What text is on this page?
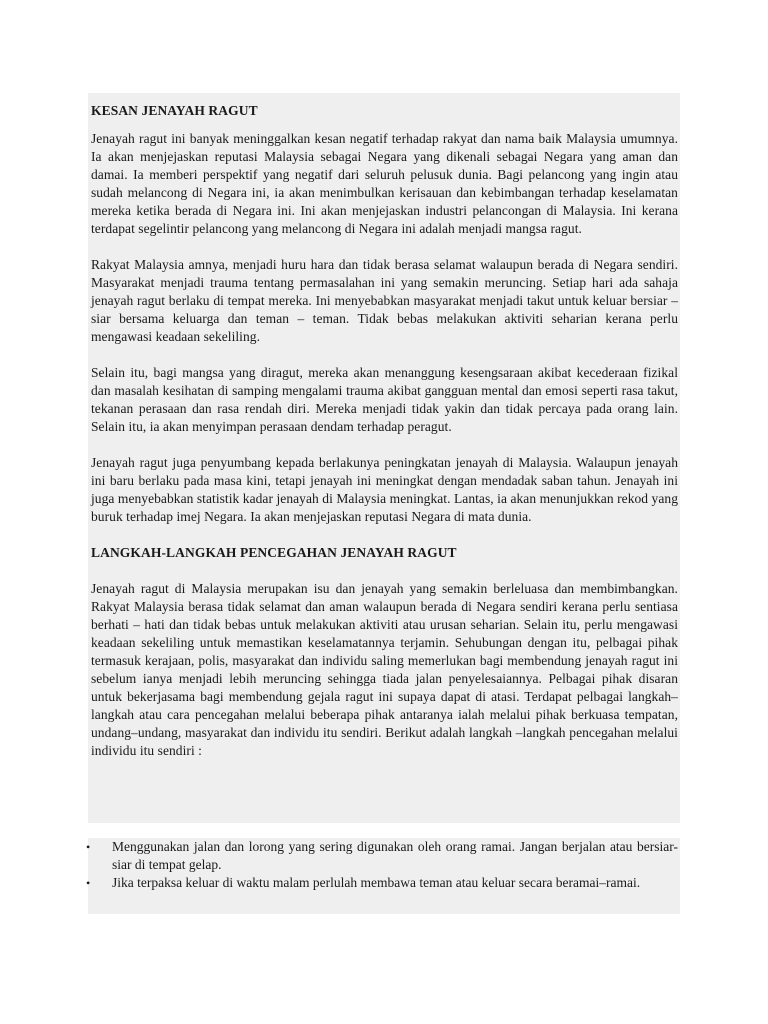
KESAN JENAYAH RAGUT

Jenayah ragut ini banyak meninggalkan kesan negatif terhadap rakyat dan nama baik Malaysia umumnya. Ia akan menjejaskan reputasi Malaysia sebagai Negara yang dikenali sebagai Negara yang aman dan damai. Ia memberi perspektif yang negatif dari seluruh pelusuk dunia. Bagi pelancong yang ingin atau sudah melancong di Negara ini, ia akan menimbulkan kerisauan dan kebimbangan terhadap keselamatan mereka ketika berada di Negara ini. Ini akan menjejaskan industri pelancongan di Malaysia. Ini kerana terdapat segelintir pelancong yang melancong di Negara ini adalah menjadi mangsa ragut.

Rakyat Malaysia amnya, menjadi huru hara dan tidak berasa selamat walaupun berada di Negara sendiri. Masyarakat menjadi trauma tentang permasalahan ini yang semakin meruncing. Setiap hari ada sahaja jenayah ragut berlaku di tempat mereka. Ini menyebabkan masyarakat menjadi takut untuk keluar bersiar – siar bersama keluarga dan teman – teman. Tidak bebas melakukan aktiviti seharian kerana perlu mengawasi keadaan sekeliling.

Selain itu, bagi mangsa yang diragut, mereka akan menanggung kesengsaraan akibat kecederaan fizikal dan masalah kesihatan di samping mengalami trauma akibat gangguan mental dan emosi seperti rasa takut, tekanan perasaan dan rasa rendah diri. Mereka menjadi tidak yakin dan tidak percaya pada orang lain. Selain itu, ia akan menyimpan perasaan dendam terhadap peragut.

Jenayah ragut juga penyumbang kepada berlakunya peningkatan jenayah di Malaysia. Walaupun jenayah ini baru berlaku pada masa kini, tetapi jenayah ini meningkat dengan mendadak saban tahun. Jenayah ini juga menyebabkan statistik kadar jenayah di Malaysia meningkat. Lantas, ia akan menunjukkan rekod yang buruk terhadap imej Negara. Ia akan menjejaskan reputasi Negara di mata dunia.

LANGKAH-LANGKAH PENCEGAHAN JENAYAH RAGUT

Jenayah ragut di Malaysia merupakan isu dan jenayah yang semakin berleluasa dan membimbangkan. Rakyat Malaysia berasa tidak selamat dan aman walaupun berada di Negara sendiri kerana perlu sentiasa berhati – hati dan tidak bebas untuk melakukan aktiviti atau urusan seharian. Selain itu, perlu mengawasi keadaan sekeliling untuk memastikan keselamatannya terjamin. Sehubungan dengan itu, pelbagai pihak termasuk kerajaan, polis, masyarakat dan individu saling memerlukan bagi membendung jenayah ragut ini sebelum ianya menjadi lebih meruncing sehingga tiada jalan penyelesaiannya. Pelbagai pihak disaran untuk bekerjasama bagi membendung gejala ragut ini supaya dapat di atasi. Terdapat pelbagai langkah–langkah atau cara pencegahan melalui beberapa pihak antaranya ialah melalui pihak berkuasa tempatan, undang–undang, masyarakat dan individu itu sendiri. Berikut adalah langkah –langkah pencegahan melalui individu itu sendiri :

• Menggunakan jalan dan lorong yang sering digunakan oleh orang ramai. Jangan berjalan atau bersiar-siar di tempat gelap.
• Jika terpaksa keluar di waktu malam perlulah membawa teman atau keluar secara beramai–ramai.
